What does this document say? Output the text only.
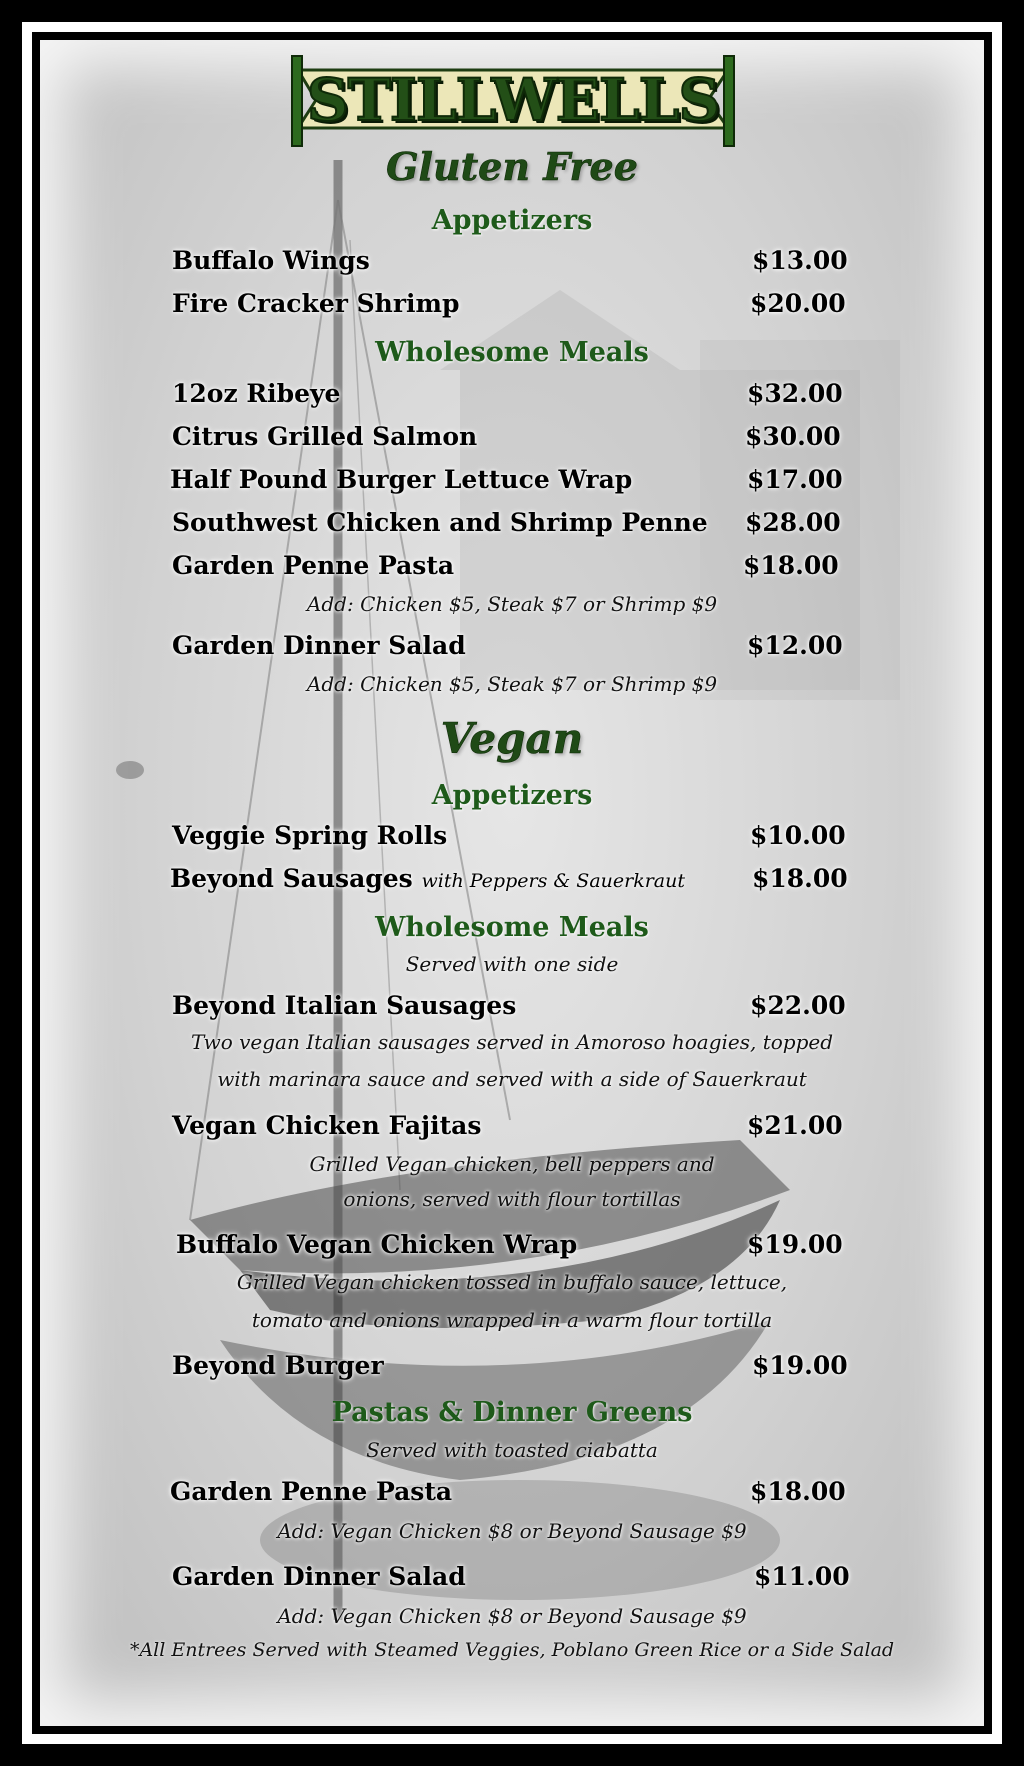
STILLWELLS
Gluten Free
Appetizers
Buffalo Wings	$13.00
Fire Cracker Shrimp	$20.00
Wholesome Meals
12oz Ribeye	$32.00
Citrus Grilled Salmon	$30.00
Half Pound Burger Lettuce Wrap	$17.00
Southwest Chicken and Shrimp Penne $28.00
Garden Penne Pasta	$18.00
Add: Chicken $5, Steak $7 or Shrimp $9
Garden Dinner Salad	$12.00
Add: Chicken $5, Steak $7 or Shrimp $9
Vegan
Appetizers
Veggie Spring Rolls	$10.00
Beyond Sausages with Peppers & Sauerkraut	$18.00
Wholesome Meals
Served with one side
Beyond Italian Sausages	$22.00
Two vegan Italian sausages served in Amoroso hoagies, topped
with marinara sauce and served with a side of Sauerkraut
Vegan Chicken Fajitas	$21.00
Grilled Vegan chicken, bell peppers and
onions, served with flour tortillas
Buffalo Vegan Chicken Wrap	$19.00
Grilled Vegan chicken tossed in buffalo sauce, lettuce,
tomato and onions wrapped in a warm flour tortilla
Beyond Burger	$19.00
Pastas & Dinner Greens
Served with toasted ciabatta
Garden Penne Pasta	$18.00
Add: Vegan Chicken $8 or Beyond Sausage $9
Garden Dinner Salad	$11.00
Add: Vegan Chicken $8 or Beyond Sausage $9
*All Entrees Served with Steamed Veggies, Poblano Green Rice or a Side Salad
